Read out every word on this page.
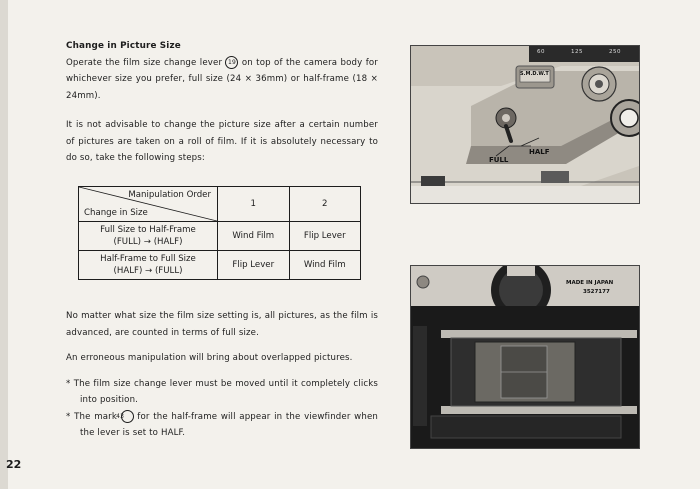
Change in Picture Size

Operate the film size change lever 19 on top of the camera body for whichever size you prefer, full size (24 × 36mm) or half-frame (18 × 24mm).

It is not advisable to change the picture size after a certain number of pictures are taken on a roll of film. If it is absolutely necessary to do so, take the following steps:

Manipulation Order
Change in Size	1	2
Full Size to Half-Frame
(FULL) → (HALF)	Wind Film	Flip Lever
Half-Frame to Full Size
(HALF) → (FULL)	Flip Lever	Wind Film

No matter what size the film size setting is, all pictures, as the film is advanced, are counted in terms of full size.

An erroneous manipulation will bring about overlapped pictures.

* The film size change lever must be moved until it completely clicks into position.

* The mark 43 for the half-frame will appear in the viewfinder when the lever is set to HALF.

22
60	125	250
S.M.D.W.T
FULL
HALF
MADE IN JAPAN
3527177
